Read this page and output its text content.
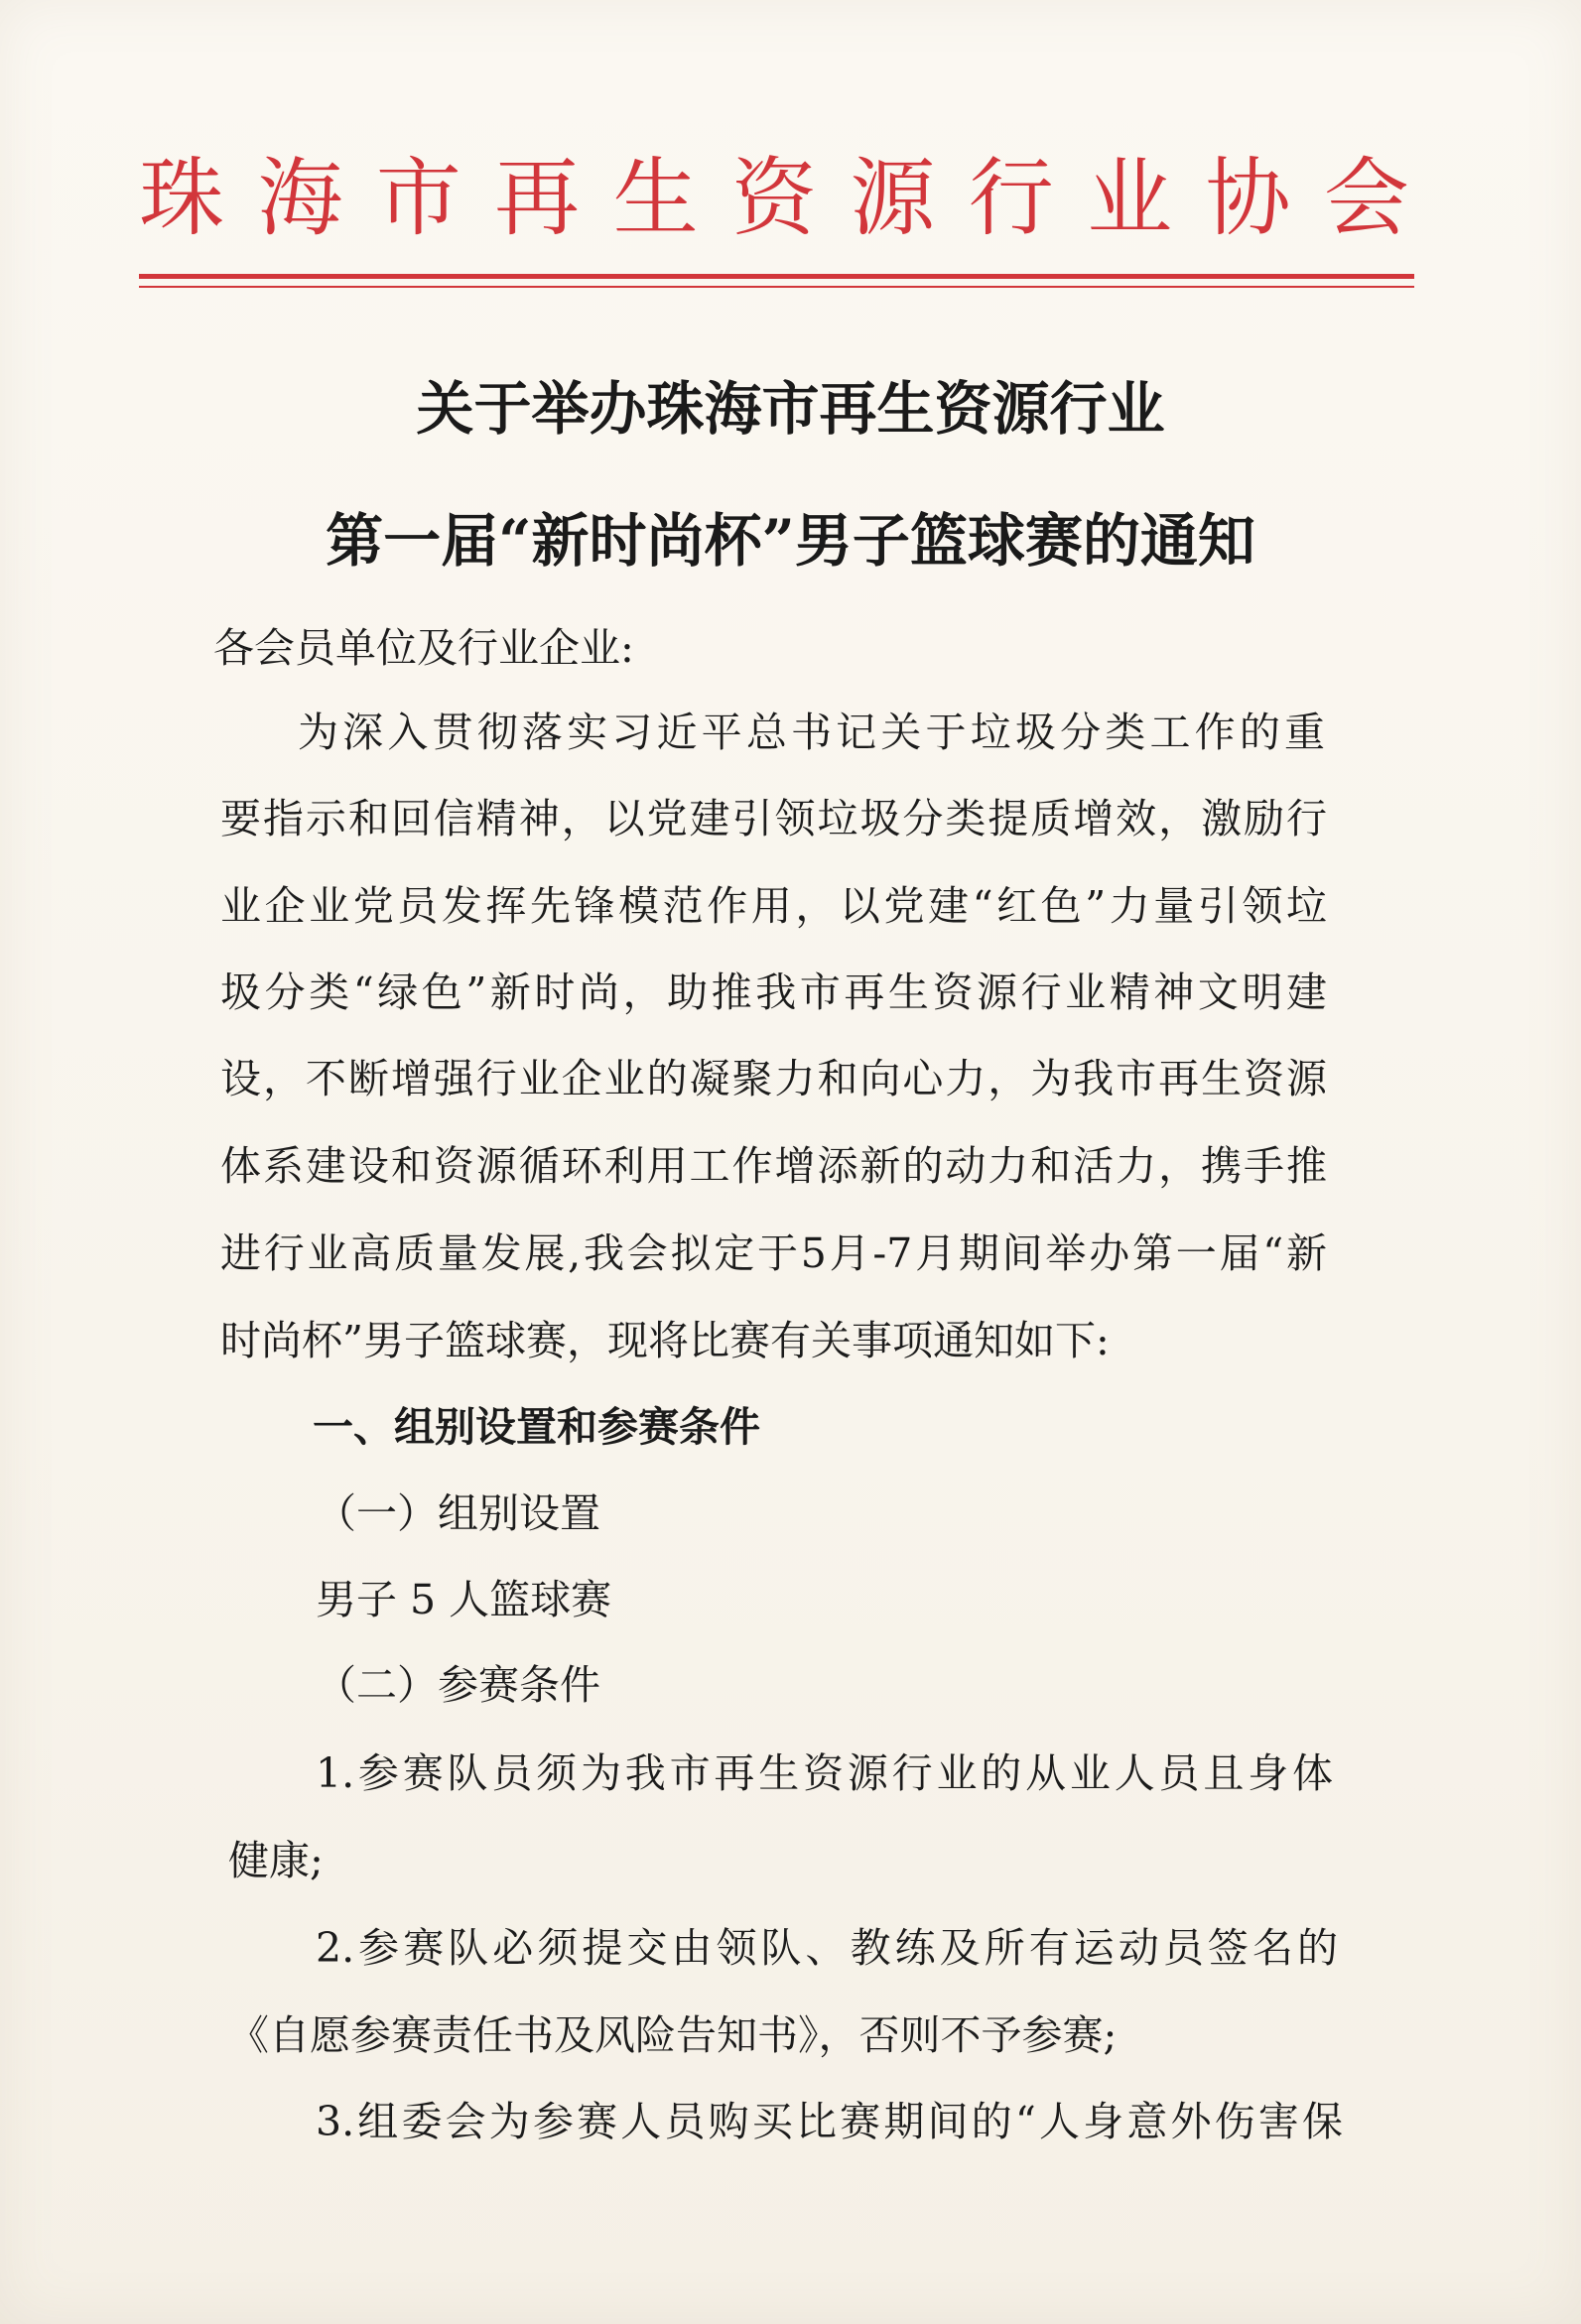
珠 海 市 再 生 资 源 行 业 协 会
关于举办珠海市再生资源行业
第一届“新时尚杯”男子篮球赛的通知
各会员单位及行业企业:
为深入贯彻落实习近平总书记关于垃圾分类工作的重
要指示和回信精神，以党建引领垃圾分类提质增效，激励行
业企业党员发挥先锋模范作用，以党建“红色”力量引领垃
圾分类“绿色”新时尚，助推我市再生资源行业精神文明建
设，不断增强行业企业的凝聚力和向心力，为我市再生资源
体系建设和资源循环利用工作增添新的动力和活力，携手推
进行业高质量发展,我会拟定于5月-7月期间举办第一届“新
时尚杯”男子篮球赛，现将比赛有关事项通知如下:
一、组别设置和参赛条件
（一）组别设置
男子 5 人篮球赛
（二）参赛条件
1.参赛队员须为我市再生资源行业的从业人员且身体
健康;
2.参赛队必须提交由领队、教练及所有运动员签名的
《自愿参赛责任书及风险告知书》，否则不予参赛;
3.组委会为参赛人员购买比赛期间的“人身意外伤害保
